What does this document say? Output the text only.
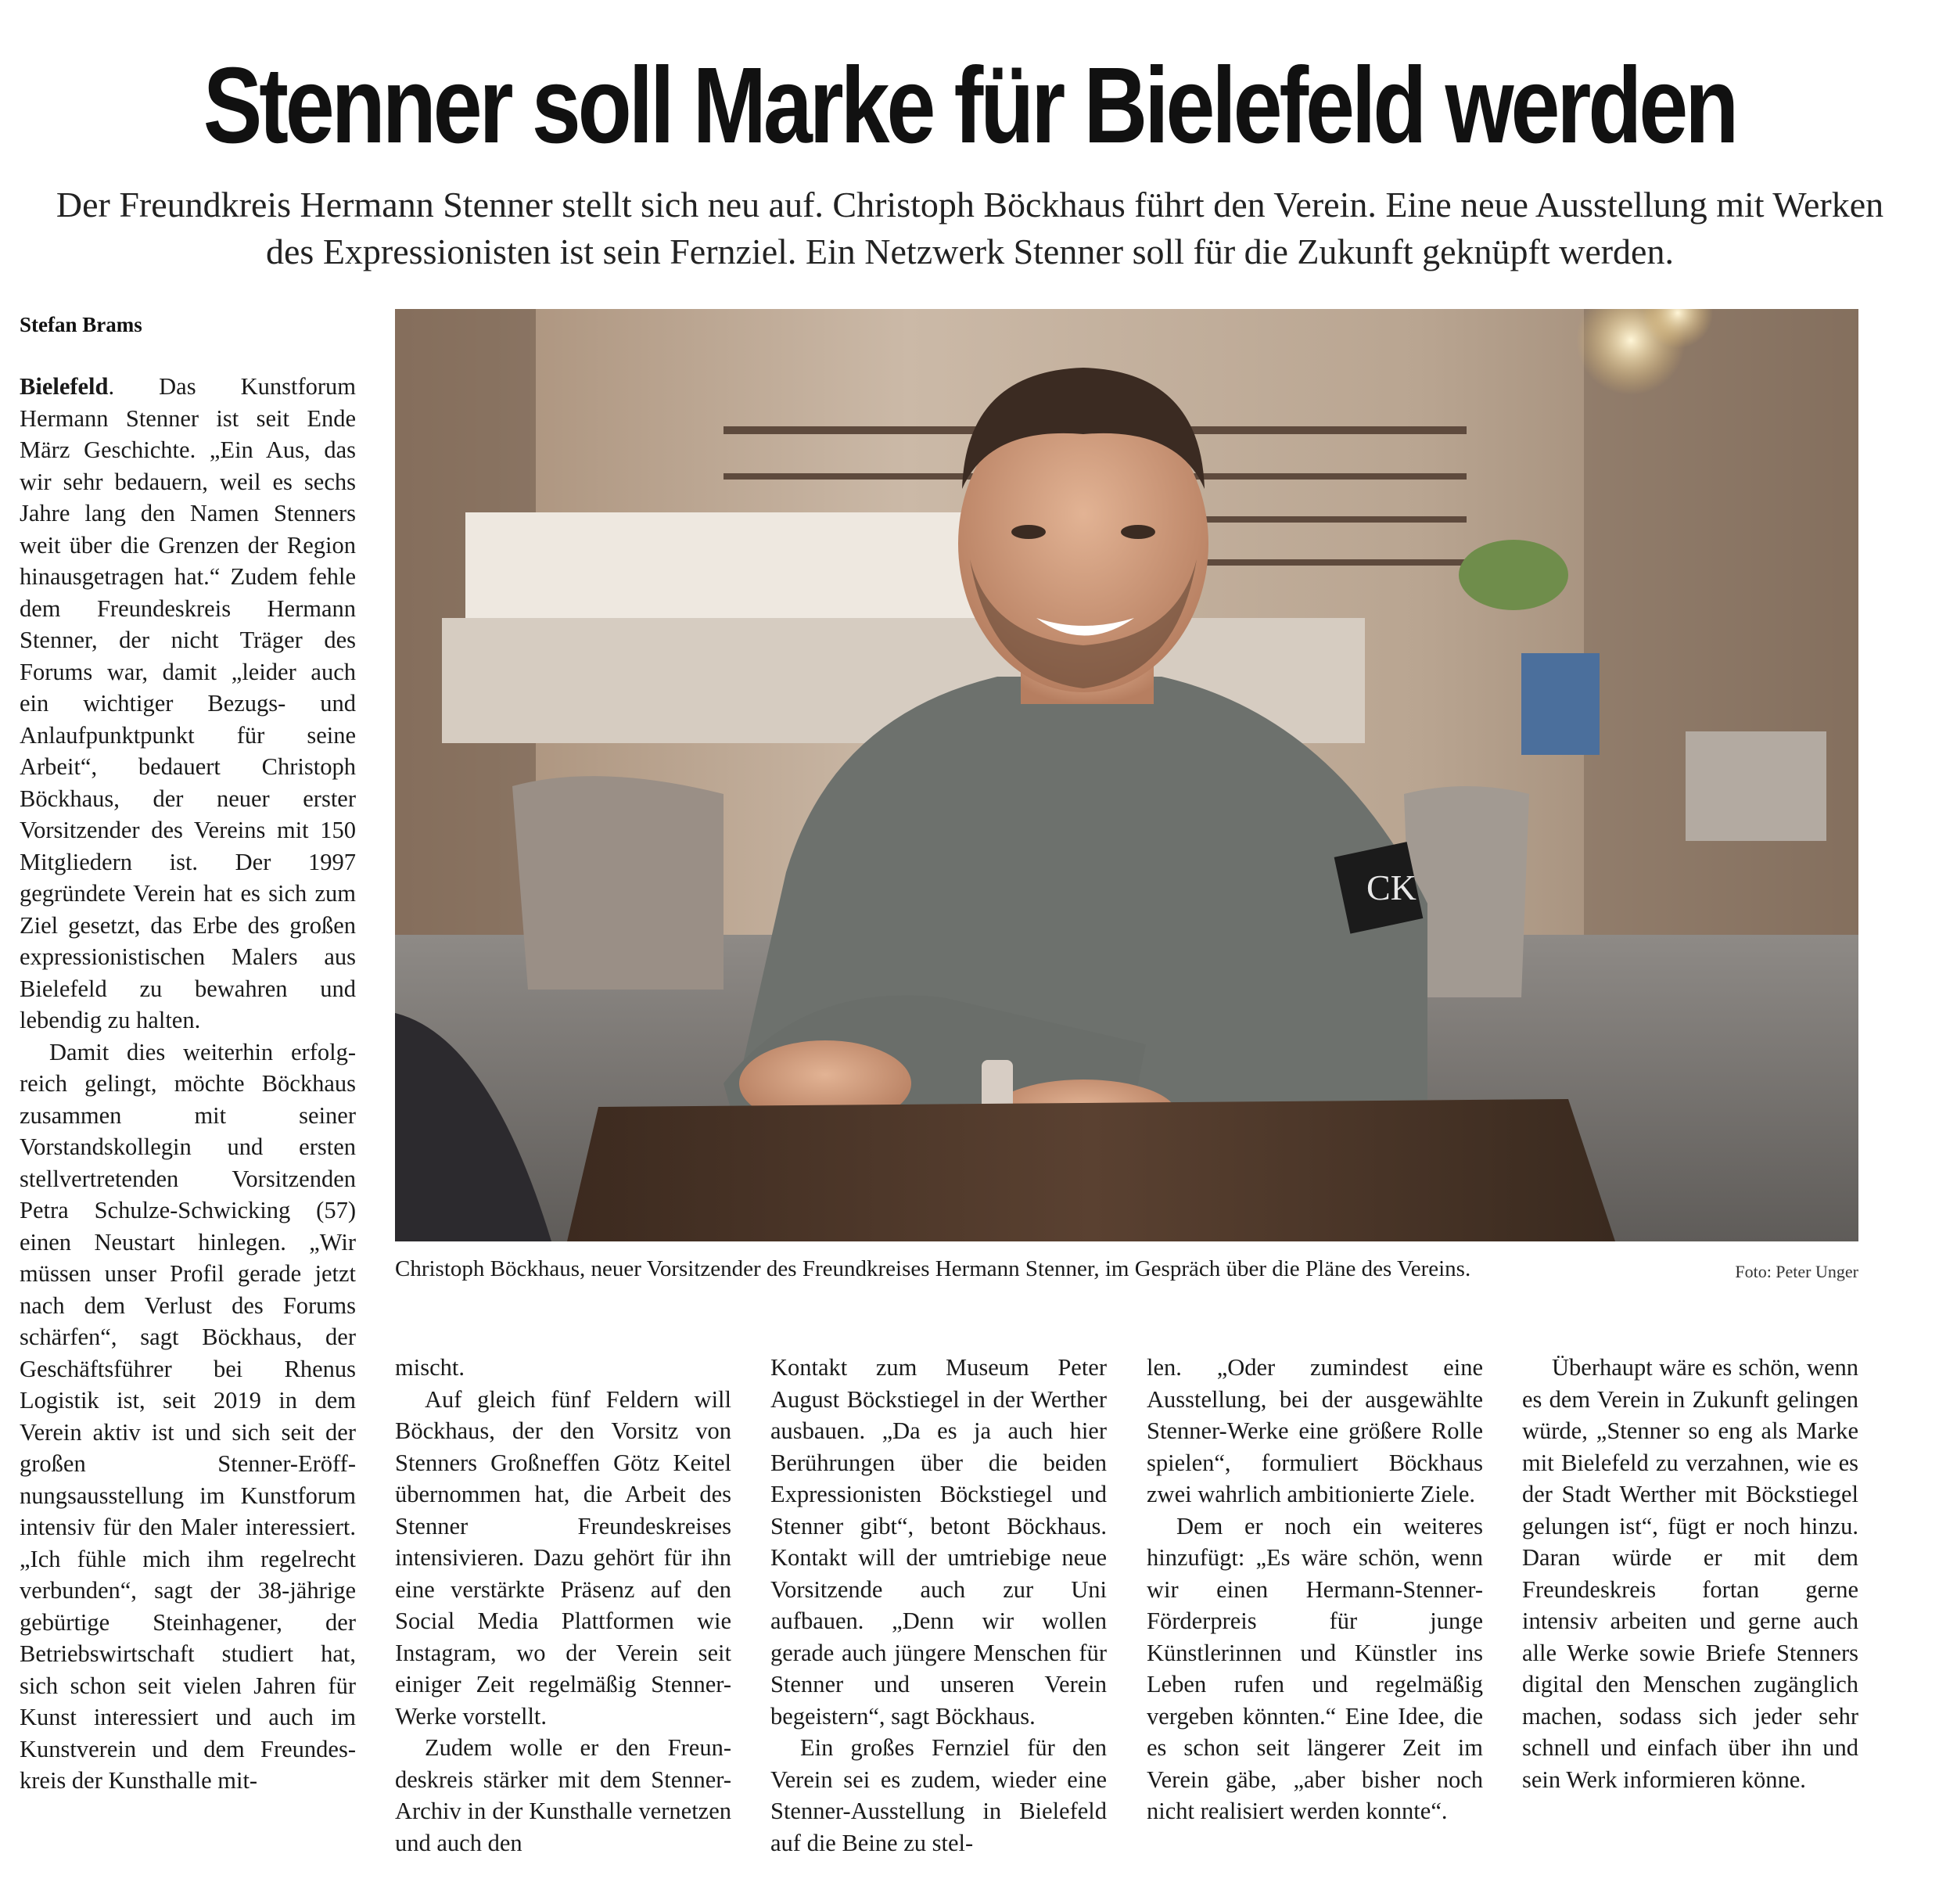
Stenner soll Marke für Bielefeld werden

Der Freundkreis Hermann Stenner stellt sich neu auf. Christoph Böckhaus führt den Verein. Eine neue Ausstellung mit Werken des Expressionisten ist sein Fernziel. Ein Netzwerk Stenner soll für die Zukunft geknüpft werden.

Stefan Brams

Bielefeld. Das Kunstforum Hermann Stenner ist seit Ende März Geschichte. „Ein Aus, das wir sehr bedauern, weil es sechs Jahre lang den Namen Stenners weit über die Grenzen der Region hinausgetragen hat.“ Zudem fehle dem Freundeskreis Hermann Stenner, der nicht Träger des Forums war, damit „leider auch ein wichtiger Bezugs- und Anlaufpunktpunkt für seine Arbeit“, bedauert Christoph Böckhaus, der neuer erster Vorsitzender des Vereins mit 150 Mitgliedern ist. Der 1997 gegründete Verein hat es sich zum Ziel gesetzt, das Erbe des großen expressionistischen Malers aus Bielefeld zu bewahren und lebendig zu halten.

Damit dies weiterhin erfolgreich gelingt, möchte Böckhaus zusammen mit seiner Vorstandskollegin und ersten stellvertretenden Vorsitzenden Petra Schulze-Schwicking (57) einen Neustart hinlegen. „Wir müssen unser Profil gerade jetzt nach dem Verlust des Forums schärfen“, sagt Böckhaus, der Geschäftsführer bei Rhenus Logistik ist, seit 2019 in dem Verein aktiv ist und sich seit der großen Stenner-Eröffnungsausstellung im Kunstforum intensiv für den Maler interessiert. „Ich fühle mich ihm regelrecht verbunden“, sagt der 38-jährige gebürtige Steinhagener, der Betriebswirtschaft studiert hat, sich schon seit vielen Jahren für Kunst interessiert und auch im Kunstverein und dem Freundeskreis der Kunsthalle mit-

CK
Christoph Böckhaus, neuer Vorsitzender des Freundkreises Hermann Stenner, im Gespräch über die Pläne des Vereins.	Foto: Peter Unger

mischt.

Auf gleich fünf Feldern will Böckhaus, der den Vorsitz von Stenners Großneffen Götz Keitel übernommen hat, die Arbeit des Stenner Freundeskreises intensivieren. Dazu gehört für ihn eine verstärkte Präsenz auf den Social Media Plattformen wie Instagram, wo der Verein seit einiger Zeit regelmäßig Stenner-Werke vorstellt.

Zudem wolle er den Freundeskreis stärker mit dem Stenner-Archiv in der Kunsthalle vernetzen und auch den

Kontakt zum Museum Peter August Böckstiegel in der Werther ausbauen. „Da es ja auch hier Berührungen über die beiden Expressionisten Böckstiegel und Stenner gibt“, betont Böckhaus. Kontakt will der umtriebige neue Vorsitzende auch zur Uni aufbauen. „Denn wir wollen gerade auch jüngere Menschen für Stenner und unseren Verein begeistern“, sagt Böckhaus.

Ein großes Fernziel für den Verein sei es zudem, wieder eine Stenner-Ausstellung in Bielefeld auf die Beine zu stel-

len. „Oder zumindest eine Ausstellung, bei der ausgewählte Stenner-Werke eine größere Rolle spielen“, formuliert Böckhaus zwei wahrlich ambitionierte Ziele.

Dem er noch ein weiteres hinzufügt: „Es wäre schön, wenn wir einen Hermann-Stenner-Förderpreis für junge Künstlerinnen und Künstler ins Leben rufen und regelmäßig vergeben könnten.“ Eine Idee, die es schon seit längerer Zeit im Verein gäbe, „aber bisher noch nicht realisiert werden konnte“.

Überhaupt wäre es schön, wenn es dem Verein in Zukunft gelingen würde, „Stenner so eng als Marke mit Bielefeld zu verzahnen, wie es der Stadt Werther mit Böckstiegel gelungen ist“, fügt er noch hinzu. Daran würde er mit dem Freundeskreis fortan gerne intensiv arbeiten und gerne auch alle Werke sowie Briefe Stenners digital den Menschen zugänglich machen, sodass sich jeder sehr schnell und einfach über ihn und sein Werk informieren könne.
